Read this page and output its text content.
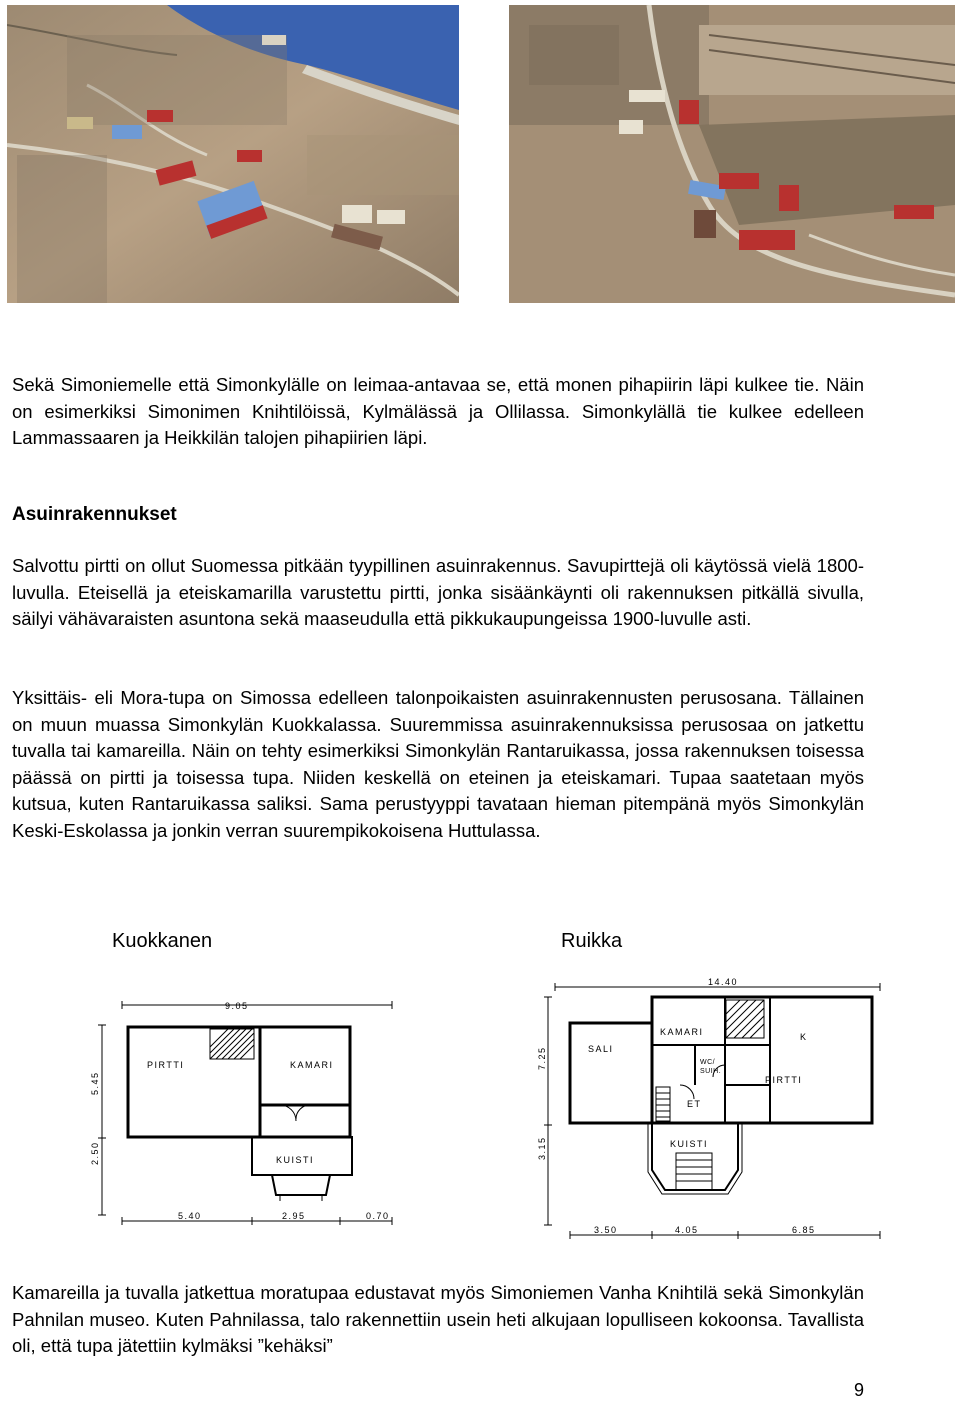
Sekä Simoniemelle että Simonkylälle on leimaa-antavaa se, että monen pihapiirin läpi kulkee tie. Näin on esimerkiksi Simonimen Knihtilöissä, Kylmälässä ja Ollilassa. Simonkylällä tie kulkee edelleen Lammassaaren ja Heikkilän talojen pihapiirien läpi.

Asuinrakennukset

Salvottu pirtti on ollut Suomessa pitkään tyypillinen asuinrakennus. Savupirttejä oli käytössä vielä 1800-luvulla. Eteisellä ja eteiskamarilla varustettu pirtti, jonka sisäänkäynti oli rakennuksen pitkällä sivulla, säilyi vähävaraisten asuntona sekä maaseudulla että pikkukaupungeissa 1900-luvulle asti.

Yksittäis- eli Mora-tupa on Simossa edelleen talonpoikaisten asuinrakennusten perusosana. Tällainen on muun muassa Simonkylän Kuokkalassa. Suuremmissa asuinrakennuksissa perusosaa on jatkettu tuvalla tai kamareilla. Näin on tehty esimerkiksi Simonkylän Rantaruikassa, jossa rakennuksen toisessa päässä on pirtti ja toisessa tupa. Niiden keskellä on eteinen ja eteiskamari. Tupaa saatetaan myös kutsua, kuten Rantaruikassa saliksi. Sama perustyyppi tavataan hieman pitempänä myös Simonkylän Keski-Eskolassa ja jonkin verran suurempikokoisena Huttulassa.

Kuokkanen	Ruikka
9.05
5.45
2.50
PIRTTI	KAMARI
KUISTI
5.40	2.95	0.70
14.40
7.25
3.15
SALI
KAMARI	K
WC/
SUIH.
PIRTTI
ET
KUISTI
3.50	4.05	6.85

Kamareilla ja tuvalla jatkettua moratupaa edustavat myös Simoniemen Vanha Knihtilä sekä Simonkylän Pahnilan museo. Kuten Pahnilassa, talo rakennettiin usein heti alkujaan lopulliseen kokoonsa. Tavallista oli, että tupa jätettiin kylmäksi ”kehäksi”

9
